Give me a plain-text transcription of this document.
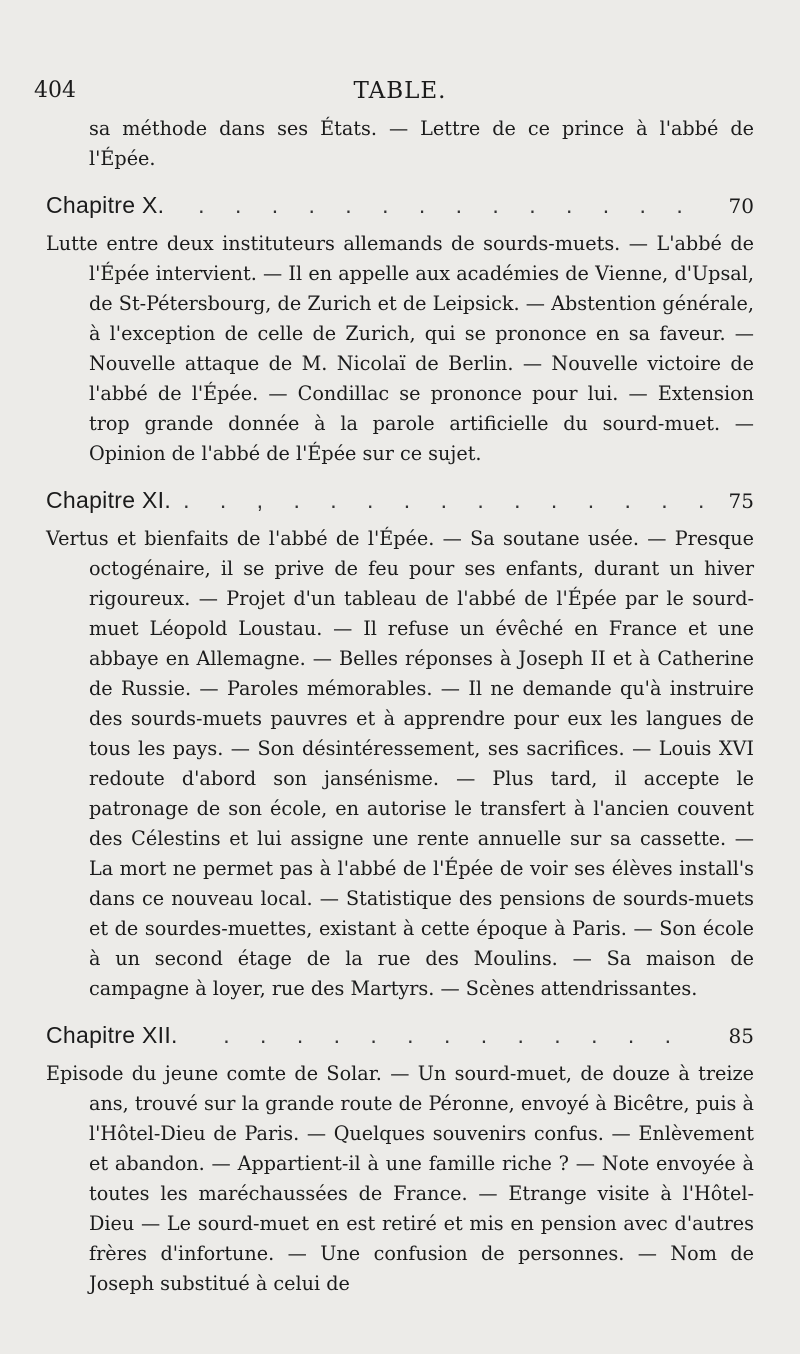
404	TABLE.

sa méthode dans ses États. — Lettre de ce prince à l'abbé de l'Épée.

Chapitre X.	. . . . . . . . . . . . . .	70

Lutte entre deux instituteurs allemands de sourds-muets. — L'abbé de l'Épée intervient. — Il en appelle aux académies de Vienne, d'Upsal, de St-Pétersbourg, de Zurich et de Leipsick. — Abstention générale, à l'exception de celle de Zurich, qui se prononce en sa faveur. — Nouvelle attaque de M. Nicolaï de Berlin. — Nouvelle victoire de l'abbé de l'Épée. — Condillac se prononce pour lui. — Extension trop grande donnée à la parole artificielle du sourd-muet. — Opinion de l'abbé de l'Épée sur ce sujet.

Chapitre XI. . . , . . . . . . . . . . . . 75

Vertus et bienfaits de l'abbé de l'Épée. — Sa soutane usée. — Presque octogénaire, il se prive de feu pour ses enfants, durant un hiver rigoureux. — Projet d'un tableau de l'abbé de l'Épée par le sourd-muet Léopold Loustau. — Il refuse un évêché en France et une abbaye en Allemagne. — Belles réponses à Joseph II et à Catherine de Russie. — Paroles mémorables. — Il ne demande qu'à instruire des sourds-muets pauvres et à apprendre pour eux les langues de tous les pays. — Son désintéressement, ses sacrifices. — Louis XVI redoute d'abord son jansénisme. — Plus tard, il accepte le patronage de son école, en autorise le transfert à l'ancien couvent des Célestins et lui assigne une rente annuelle sur sa cassette. — La mort ne permet pas à l'abbé de l'Épée de voir ses élèves install's dans ce nouveau local. — Statistique des pensions de sourds-muets et de sourdes-muettes, existant à cette époque à Paris. — Son école à un second étage de la rue des Moulins. — Sa maison de campagne à loyer, rue des Martyrs. — Scènes attendrissantes.

Chapitre XII.	. . . . . . . . . . . . .	85

Episode du jeune comte de Solar. — Un sourd-muet, de douze à treize ans, trouvé sur la grande route de Péronne, envoyé à Bicêtre, puis à l'Hôtel-Dieu de Paris. — Quelques souvenirs confus. — Enlèvement et abandon. — Appartient-il à une famille riche ? — Note envoyée à toutes les maréchaussées de France. — Etrange visite à l'Hôtel-Dieu — Le sourd-muet en est retiré et mis en pension avec d'autres frères d'infortune. — Une confusion de personnes. — Nom de Joseph substitué à celui de
